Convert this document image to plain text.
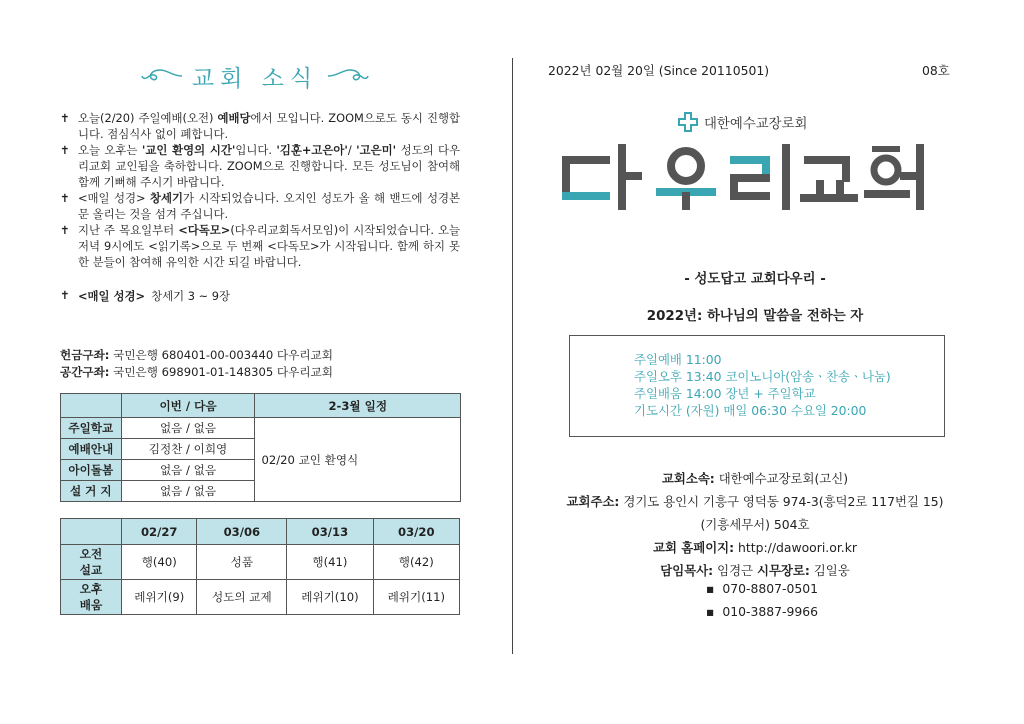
교회 소식
✝ 오늘(2/20) 주일예배(오전) 예배당에서 모입니다. ZOOM으로도 동시 진행합니다. 점심식사 없이 폐합니다.

✝ 오늘 오후는 '교인 환영의 시간'입니다. '김훈+고은아'/ '고은미' 성도의 다우리교회 교인됨을 축하합니다. ZOOM으로 진행합니다. 모든 성도님이 참여해 함께 기뻐해 주시기 바랍니다.

✝ <매일 성경> 창세기가 시작되었습니다. 오지인 성도가 올 해 밴드에 성경본문 올리는 것을 섬겨 주십니다.

✝ 지난 주 목요일부터 <다독모>(다우리교회독서모임)이 시작되었습니다. 오늘 저녁 9시에도 <읽기록>으로 두 번째 <다독모>가 시작됩니다. 함께 하지 못한 분들이 참여해 유익한 시간 되길 바랍니다.

✝ <매일 성경> 창세기 3 ~ 9장
헌금구좌: 국민은행 680401-00-003440 다우리교회
공간구좌: 국민은행 698901-01-148305 다우리교회
	이번 / 다음	2-3월 일정
주일학교	없음 / 없음	02/20 교인 환영식
예배안내	김정찬 / 이희영	
아이돌봄	없음 / 없음	
설 거 지	없음 / 없음	
	02/27	03/06	03/13	03/20
오전
설교	행(40)	성품	행(41)	행(42)
오후
배움	레위기(9)	성도의 교제	레위기(10)	레위기(11)
2022년 02월 20일 (Since 20110501)	08호
대한예수교장로회
- 성도답고 교회다우리 -
2022년: 하나님의 말씀을 전하는 자
주일예배 11:00
주일오후 13:40 코이노니아(암송ㆍ찬송ㆍ나눔)
주일배움 14:00 장년 + 주일학교
기도시간 (자원) 매일 06:30 수요일 20:00
교회소속: 대한예수교장로회(고신)
교회주소: 경기도 용인시 기흥구 영덕동 974-3(흥덕2로 117번길 15)
(기흥세무서) 504호
교회 홈페이지: http://dawoori.or.kr
담임목사: 임경근 시무장로: 김일웅
▪ 070-8807-0501
▪ 010-3887-9966
